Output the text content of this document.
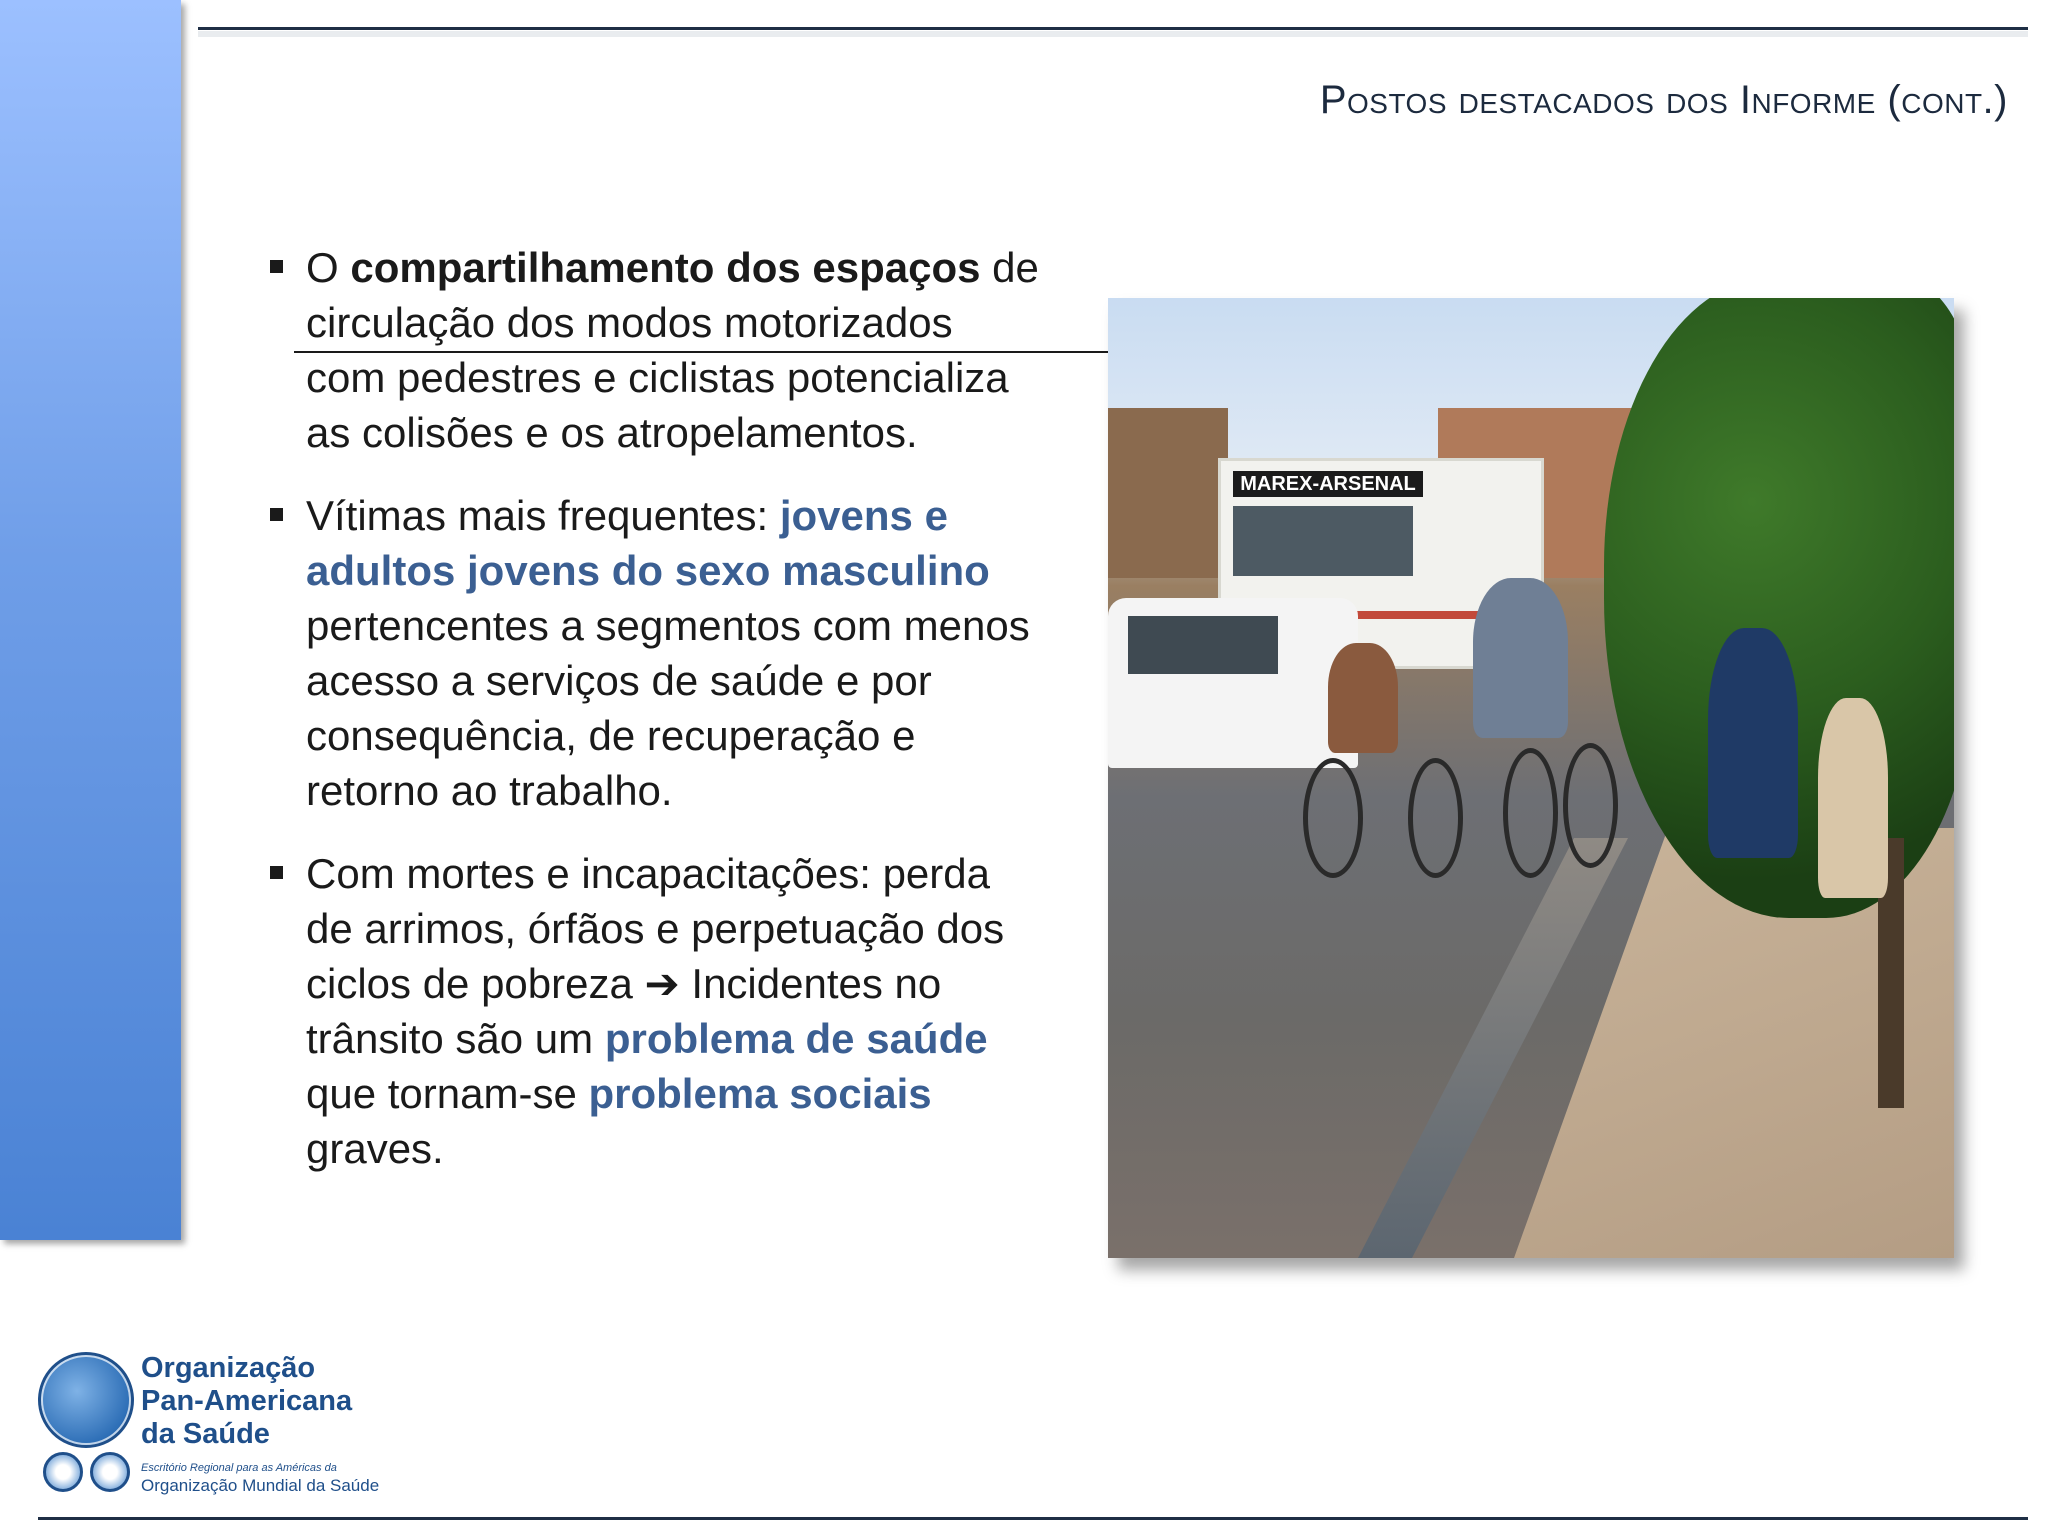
Postos destacados dos Informe (cont.)
O compartilhamento dos espaços de circulação dos modos motorizados com pedestres e ciclistas potencializa as colisões e os atropelamentos.
Vítimas mais frequentes: jovens e adultos jovens do sexo masculino pertencentes a segmentos com menos acesso a serviços de saúde e por consequência, de recuperação e retorno ao trabalho.
Com mortes e incapacitações: perda de arrimos, órfãos e perpetuação dos ciclos de pobreza ➔ Incidentes no trânsito são um problema de saúde que tornam-se problema sociais graves.
MAREX-ARSENAL
Organização
Pan-Americana
da Saúde
Escritório Regional para as Américas da
Organização Mundial da Saúde
